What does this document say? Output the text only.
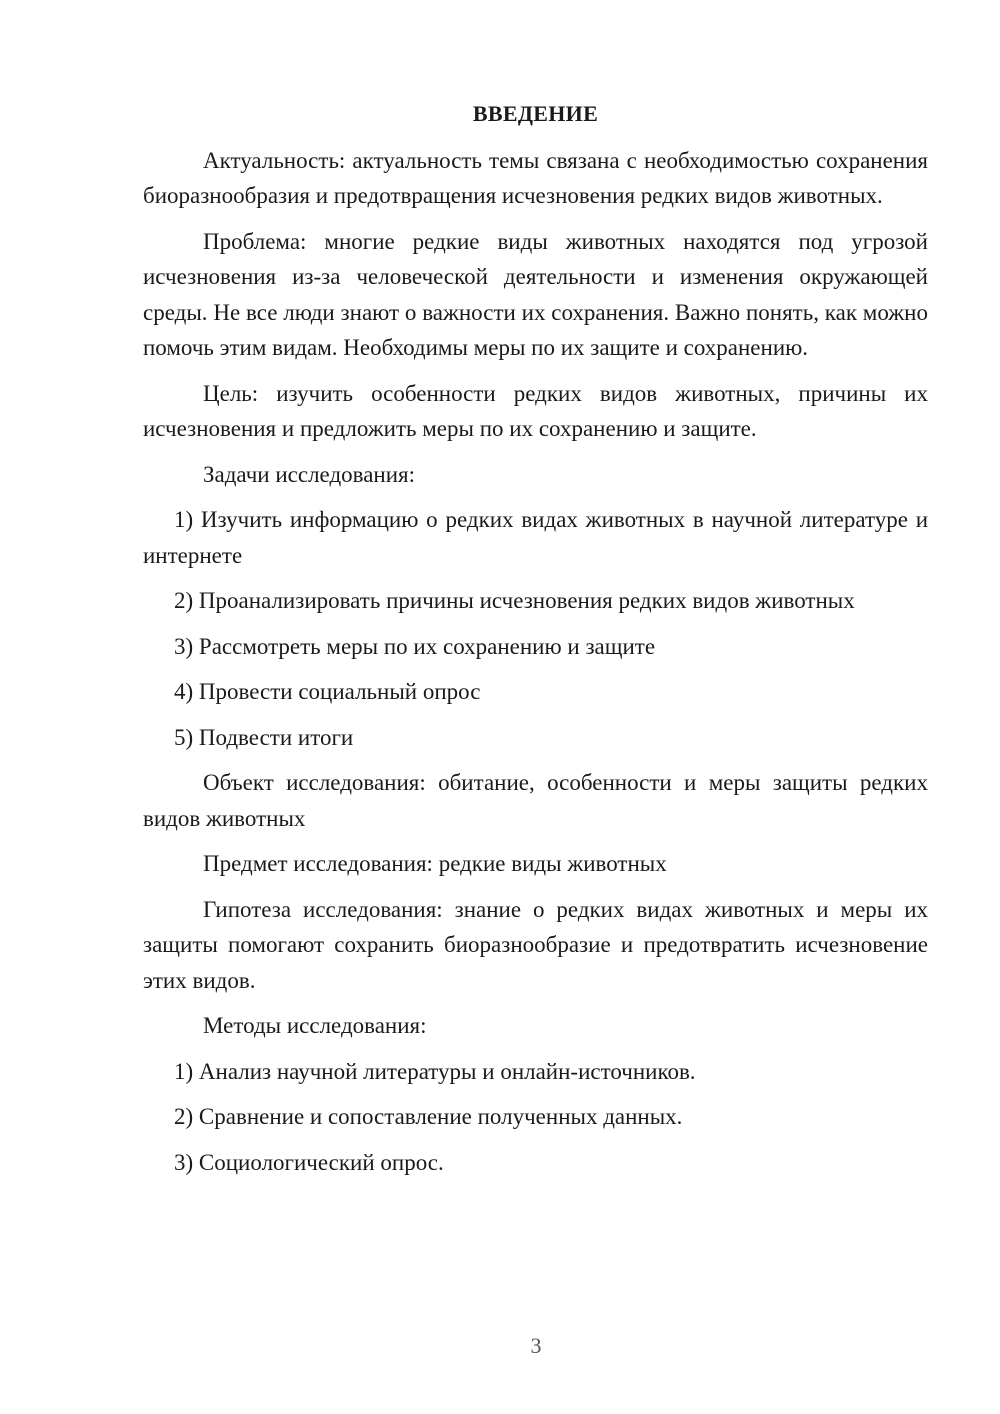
ВВЕДЕНИЕ

Актуальность: актуальность темы связана с необходимостью сохранения биоразнообразия и предотвращения исчезновения редких видов животных.

Проблема: многие редкие виды животных находятся под угрозой исчезновения из-за человеческой деятельности и изменения окружающей среды. Не все люди знают о важности их сохранения. Важно понять, как можно помочь этим видам. Необходимы меры по их защите и сохранению.

Цель: изучить особенности редких видов животных, причины их исчезновения и предложить меры по их сохранению и защите.

Задачи исследования:

1) Изучить информацию о редких видах животных в научной литературе и интернете

2) Проанализировать причины исчезновения редких видов животных

3) Рассмотреть меры по их сохранению и защите

4) Провести социальный опрос

5) Подвести итоги

Объект исследования: обитание, особенности и меры защиты редких видов животных

Предмет исследования: редкие виды животных

Гипотеза исследования: знание о редких видах животных и меры их защиты помогают сохранить биоразнообразие и предотвратить исчезновение этих видов.

Методы исследования:

1) Анализ научной литературы и онлайн-источников.

2) Сравнение и сопоставление полученных данных.

3) Социологический опрос.

3
